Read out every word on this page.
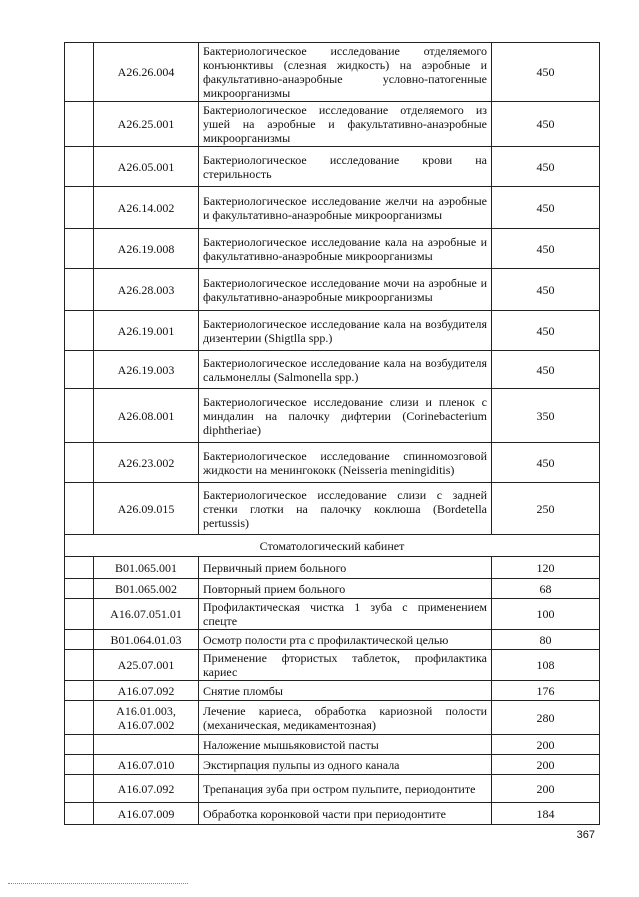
	А26.26.004	Бактериологическое исследование отделяемого конъюнктивы (слезная жидкость) на аэробные и факультативно-анаэробные условно-патогенные микроорганизмы	450
	А26.25.001	Бактериологическое исследование отделяемого из ушей на аэробные и факультативно-анаэробные микроорганизмы	450
	А26.05.001	Бактериологическое исследование крови на стерильность	450
	А26.14.002	Бактериологическое исследование желчи на аэробные и факультативно-анаэробные микроорганизмы	450
	А26.19.008	Бактериологическое исследование кала на аэробные и факультативно-анаэробные микроорганизмы	450
	А26.28.003	Бактериологическое исследование мочи на аэробные и факультативно-анаэробные микроорганизмы	450
	А26.19.001	Бактериологическое исследование кала на возбудителя дизентерии (Shigtlla spp.)	450
	А26.19.003	Бактериологическое исследование кала на возбудителя сальмонеллы (Salmonella spp.)	450
	А26.08.001	Бактериологическое исследование слизи и пленок с миндалин на палочку дифтерии (Corinebacterium diphtheriae)	350
	А26.23.002	Бактериологическое исследование спинномозговой жидкости на менингококк (Neisseria meningiditis)	450
	А26.09.015	Бактериологическое исследование слизи с задней стенки глотки на палочку коклюша (Bordetella pertussis)	250
Стоматологический кабинет			
	В01.065.001	Первичный прием больного	120
	В01.065.002	Повторный прием больного	68
	А16.07.051.01	Профилактическая чистка 1 зуба с применением спецте	100
	В01.064.01.03	Осмотр полости рта с профилактической целью	80
	А25.07.001	Применение фтористых таблеток, профилактика кариес	108
	А16.07.092	Снятие пломбы	176
	А16.01.003, А16.07.002	Лечение кариеса, обработка кариозной полости (механическая, медикаментозная)	280
		Наложение мышьяковистой пасты	200
	А16.07.010	Экстирпация пульпы из одного канала	200
	А16.07.092	Трепанация зуба при остром пульпите, периодонтите	200
	А16.07.009	Обработка коронковой части при периодонтите	184
367
